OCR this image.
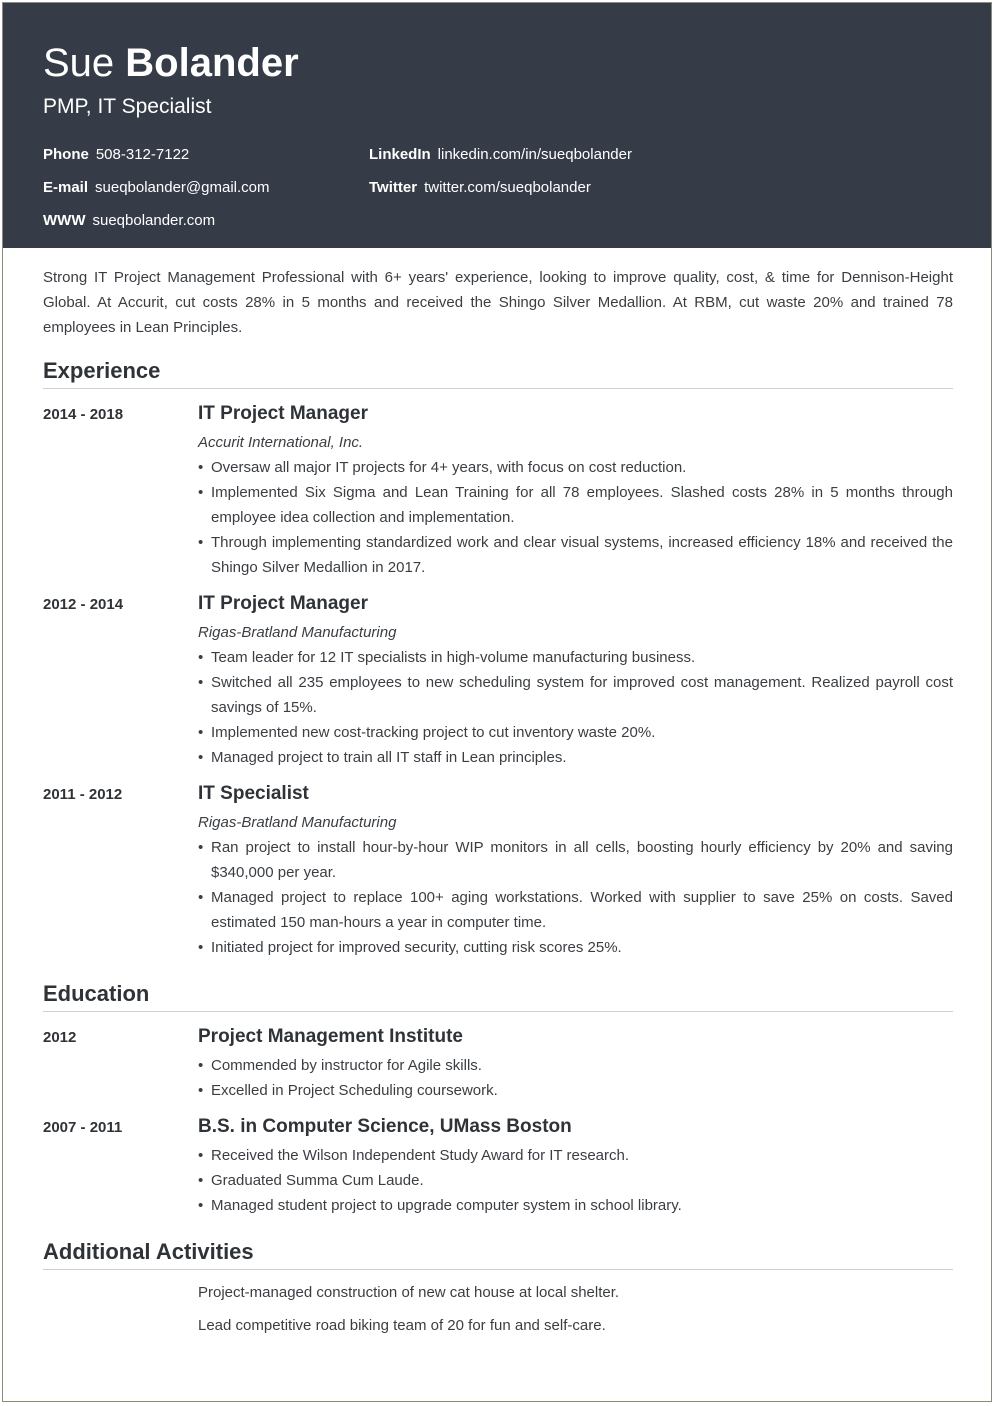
Sue Bolander
PMP, IT Specialist
Phone 508-312-7122	LinkedIn linkedin.com/in/sueqbolander
E-mail sueqbolander@gmail.com	Twitter twitter.com/sueqbolander
WWW sueqbolander.com
Strong IT Project Management Professional with 6+ years' experience, looking to improve quality, cost, & time for Dennison-Height Global. At Accurit, cut costs 28% in 5 months and received the Shingo Silver Medallion. At RBM, cut waste 20% and trained 78 employees in Lean Principles.
Experience
2014 - 2018	IT Project Manager
Accurit International, Inc.
• Oversaw all major IT projects for 4+ years, with focus on cost reduction.
• Implemented Six Sigma and Lean Training for all 78 employees. Slashed costs 28% in 5 months through employee idea collection and implementation.
• Through implementing standardized work and clear visual systems, increased efficiency 18% and received the Shingo Silver Medallion in 2017.
2012 - 2014	IT Project Manager
Rigas-Bratland Manufacturing
• Team leader for 12 IT specialists in high-volume manufacturing business.
• Switched all 235 employees to new scheduling system for improved cost management. Realized payroll cost savings of 15%.
• Implemented new cost-tracking project to cut inventory waste 20%.
• Managed project to train all IT staff in Lean principles.
2011 - 2012	IT Specialist
Rigas-Bratland Manufacturing
• Ran project to install hour-by-hour WIP monitors in all cells, boosting hourly efficiency by 20% and saving $340,000 per year.
• Managed project to replace 100+ aging workstations. Worked with supplier to save 25% on costs. Saved estimated 150 man-hours a year in computer time.
• Initiated project for improved security, cutting risk scores 25%.
Education
2012	Project Management Institute
• Commended by instructor for Agile skills.
• Excelled in Project Scheduling coursework.
2007 - 2011	B.S. in Computer Science, UMass Boston
• Received the Wilson Independent Study Award for IT research.
• Graduated Summa Cum Laude.
• Managed student project to upgrade computer system in school library.
Additional Activities
Project-managed construction of new cat house at local shelter.
Lead competitive road biking team of 20 for fun and self-care.
